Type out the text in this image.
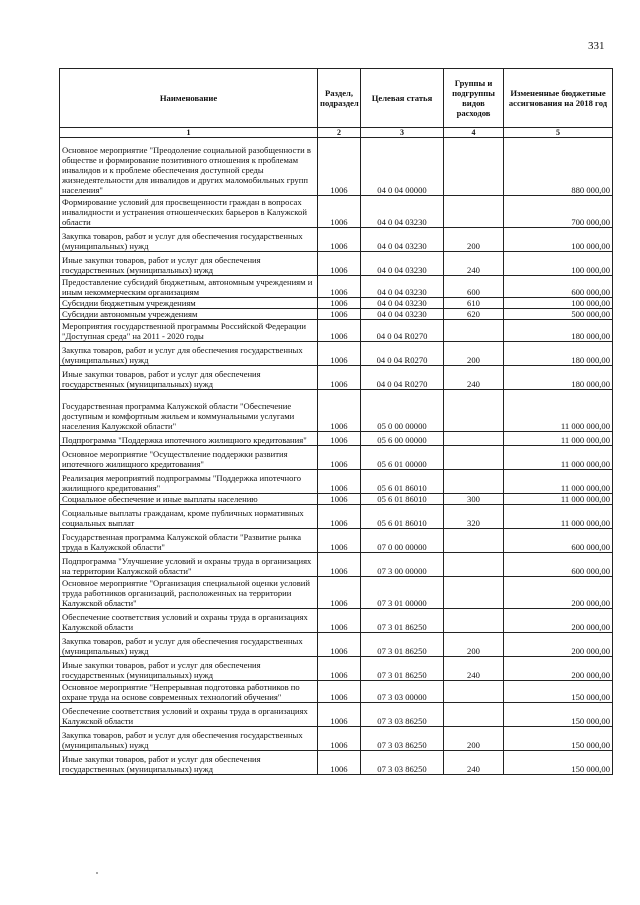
331
Наименование	Раздел, подраздел	Целевая статья	Группы и подгруппы видов расходов	Измененные бюджетные ассигнования на 2018 год
1	2	3	4	5
Основное мероприятие "Преодоление социальной разобщенности в обществе и формирование позитивного отношения к проблемам инвалидов и к проблеме обеспечения доступной среды жизнедеятельности для инвалидов и других маломобильных групп населения"	1006	04 0 04 00000		880 000,00
Формирование условий для просвещенности граждан в вопросах инвалидности и устранения отношенческих барьеров в Калужской области	1006	04 0 04 03230		700 000,00
Закупка товаров, работ и услуг для обеспечения государственных (муниципальных) нужд	1006	04 0 04 03230	200	100 000,00
Иные закупки товаров, работ и услуг для обеспечения государственных (муниципальных) нужд	1006	04 0 04 03230	240	100 000,00
Предоставление субсидий бюджетным, автономным учреждениям и иным некоммерческим организациям	1006	04 0 04 03230	600	600 000,00
Субсидии бюджетным учреждениям	1006	04 0 04 03230	610	100 000,00
Субсидии автономным учреждениям	1006	04 0 04 03230	620	500 000,00
Мероприятия государственной программы Российской Федерации "Доступная среда" на 2011 - 2020 годы	1006	04 0 04 R0270		180 000,00
Закупка товаров, работ и услуг для обеспечения государственных (муниципальных) нужд	1006	04 0 04 R0270	200	180 000,00
Иные закупки товаров, работ и услуг для обеспечения государственных (муниципальных) нужд	1006	04 0 04 R0270	240	180 000,00
Государственная программа Калужской области "Обеспечение доступным и комфортным жильем и коммунальными услугами населения Калужской области"	1006	05 0 00 00000		11 000 000,00
Подпрограмма "Поддержка ипотечного жилищного кредитования"	1006	05 6 00 00000		11 000 000,00
Основное мероприятие "Осуществление поддержки развития ипотечного жилищного кредитования"	1006	05 6 01 00000		11 000 000,00
Реализация мероприятий подпрограммы "Поддержка ипотечного жилищного кредитования"	1006	05 6 01 86010		11 000 000,00
Социальное обеспечение и иные выплаты населению	1006	05 6 01 86010	300	11 000 000,00
Социальные выплаты гражданам, кроме публичных нормативных социальных выплат	1006	05 6 01 86010	320	11 000 000,00
Государственная программа Калужской области "Развитие рынка труда в Калужской области"	1006	07 0 00 00000		600 000,00
Подпрограмма "Улучшение условий и охраны труда в организациях на территории Калужской области"	1006	07 3 00 00000		600 000,00
Основное мероприятие "Организация специальной оценки условий труда работников организаций, расположенных на территории Калужской области"	1006	07 3 01 00000		200 000,00
Обеспечение соответствия условий и охраны труда в организациях Калужской области	1006	07 3 01 86250		200 000,00
Закупка товаров, работ и услуг для обеспечения государственных (муниципальных) нужд	1006	07 3 01 86250	200	200 000,00
Иные закупки товаров, работ и услуг для обеспечения государственных (муниципальных) нужд	1006	07 3 01 86250	240	200 000,00
Основное мероприятие "Непрерывная подготовка работников по охране труда на основе современных технологий обучения"	1006	07 3 03 00000		150 000,00
Обеспечение соответствия условий и охраны труда в организациях Калужской области	1006	07 3 03 86250		150 000,00
Закупка товаров, работ и услуг для обеспечения государственных (муниципальных) нужд	1006	07 3 03 86250	200	150 000,00
Иные закупки товаров, работ и услуг для обеспечения государственных (муниципальных) нужд	1006	07 3 03 86250	240	150 000,00
